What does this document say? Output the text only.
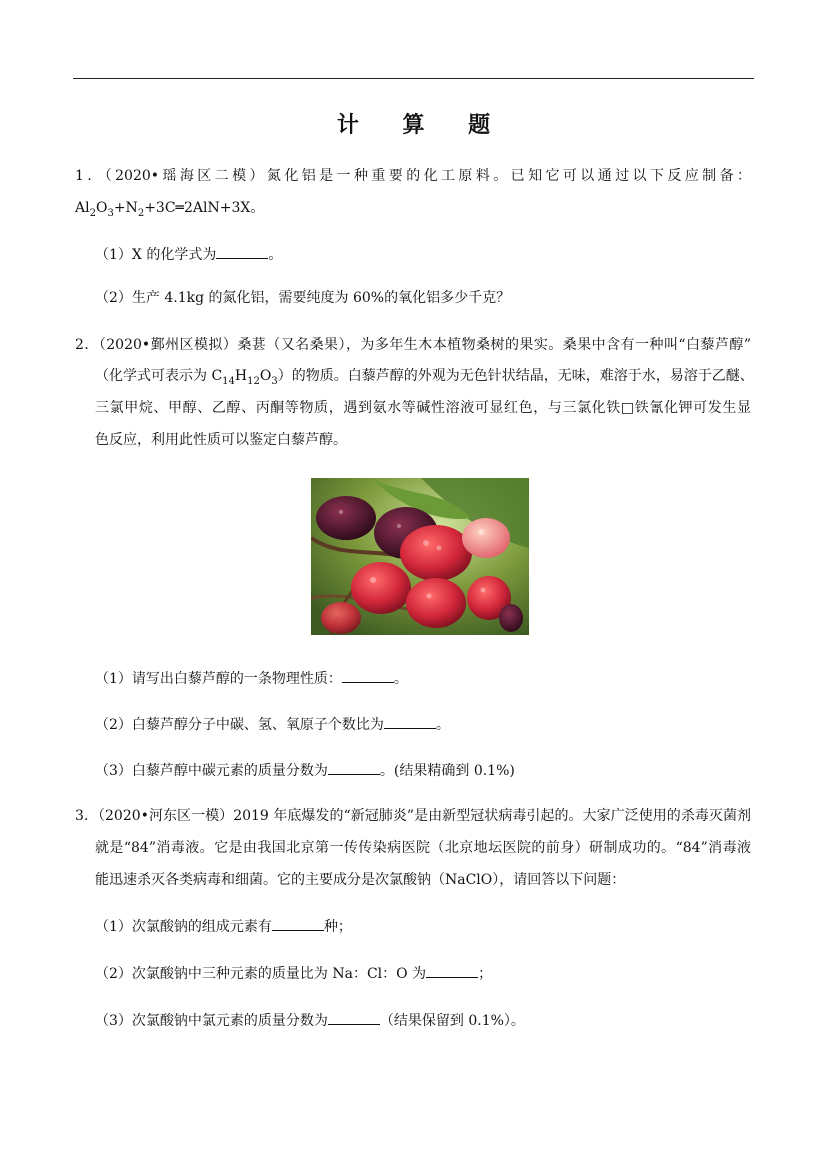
计 算 题
1．（2020•瑶海区二模）氮化铝是一种重要的化工原料。已知它可以通过以下反应制备：
$Al_2O_3+N_2+3C═2AlN+3X$。
（1）X 的化学式为	。
（2）生产 4.1kg 的氮化铝，需要纯度为 60%的氧化铝多少千克？
2．（2020•鄞州区模拟）桑葚（又名桑果），为多年生木本植物桑树的果实。桑果中含有一种叫“白藜芦醇”
（化学式可表示为 $C_{14}H_{12}O_3$）的物质。白藜芦醇的外观为无色针状结晶，无味，难溶于水，易溶于乙醚、
三氯甲烷、甲醇、乙醇、丙酮等物质，遇到氨水等碱性溶液可显红色，与三氯化铁□铁氰化钾可发生显
色反应，利用此性质可以鉴定白藜芦醇。
（1）请写出白藜芦醇的一条物理性质：	。
（2）白藜芦醇分子中碳、氢、氧原子个数比为	。
（3）白藜芦醇中碳元素的质量分数为	。(结果精确到 0.1%)
3．（2020•河东区一模）2019 年底爆发的“新冠肺炎”是由新型冠状病毒引起的。大家广泛使用的杀毒灭菌剂
就是“84”消毒液。它是由我国北京第一传传染病医院（北京地坛医院的前身）研制成功的。“84”消毒液
能迅速杀灭各类病毒和细菌。它的主要成分是次氯酸钠（NaClO），请回答以下问题：
（1）次氯酸钠的组成元素有	种；
（2）次氯酸钠中三种元素的质量比为 Na：Cl：O 为	；
（3）次氯酸钠中氯元素的质量分数为	（结果保留到 0.1%）。
